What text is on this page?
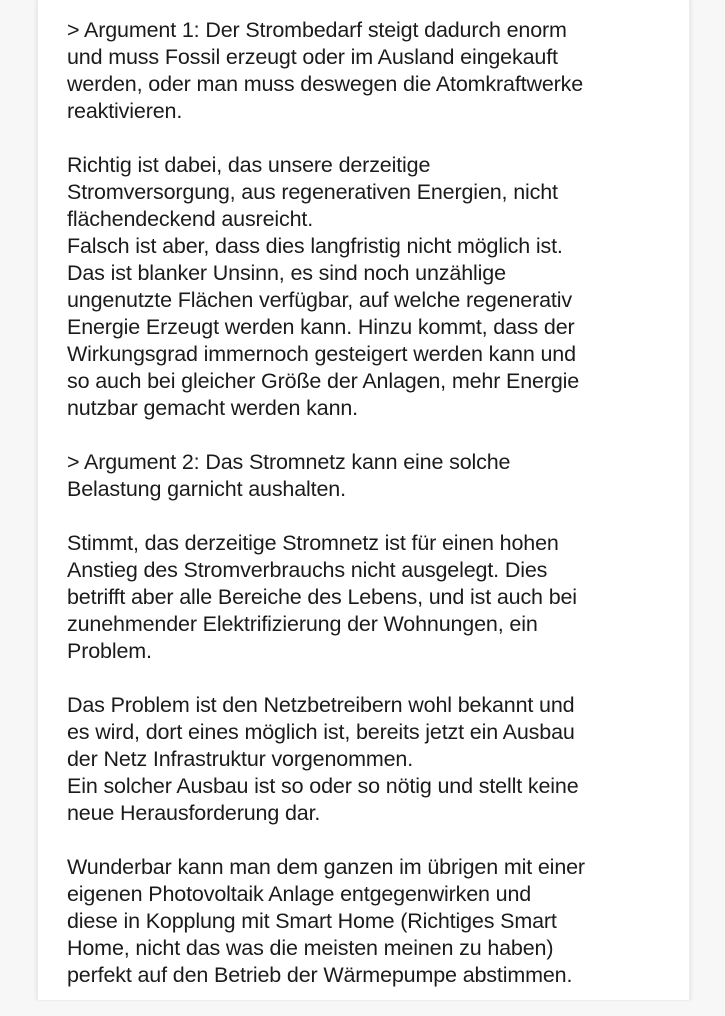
> Argument 1: Der Strombedarf steigt dadurch enorm
und muss Fossil erzeugt oder im Ausland eingekauft
werden, oder man muss deswegen die Atomkraftwerke
reaktivieren.

Richtig ist dabei, das unsere derzeitige
Stromversorgung, aus regenerativen Energien, nicht
flächendeckend ausreicht.
Falsch ist aber, dass dies langfristig nicht möglich ist.
Das ist blanker Unsinn, es sind noch unzählige
ungenutzte Flächen verfügbar, auf welche regenerativ
Energie Erzeugt werden kann. Hinzu kommt, dass der
Wirkungsgrad immernoch gesteigert werden kann und
so auch bei gleicher Größe der Anlagen, mehr Energie
nutzbar gemacht werden kann.

> Argument 2: Das Stromnetz kann eine solche
Belastung garnicht aushalten.

Stimmt, das derzeitige Stromnetz ist für einen hohen
Anstieg des Stromverbrauchs nicht ausgelegt. Dies
betrifft aber alle Bereiche des Lebens, und ist auch bei
zunehmender Elektrifizierung der Wohnungen, ein
Problem.

Das Problem ist den Netzbetreibern wohl bekannt und
es wird, dort eines möglich ist, bereits jetzt ein Ausbau
der Netz Infrastruktur vorgenommen.
Ein solcher Ausbau ist so oder so nötig und stellt keine
neue Herausforderung dar.

Wunderbar kann man dem ganzen im übrigen mit einer
eigenen Photovoltaik Anlage entgegenwirken und
diese in Kopplung mit Smart Home (Richtiges Smart
Home, nicht das was die meisten meinen zu haben)
perfekt auf den Betrieb der Wärmepumpe abstimmen.
